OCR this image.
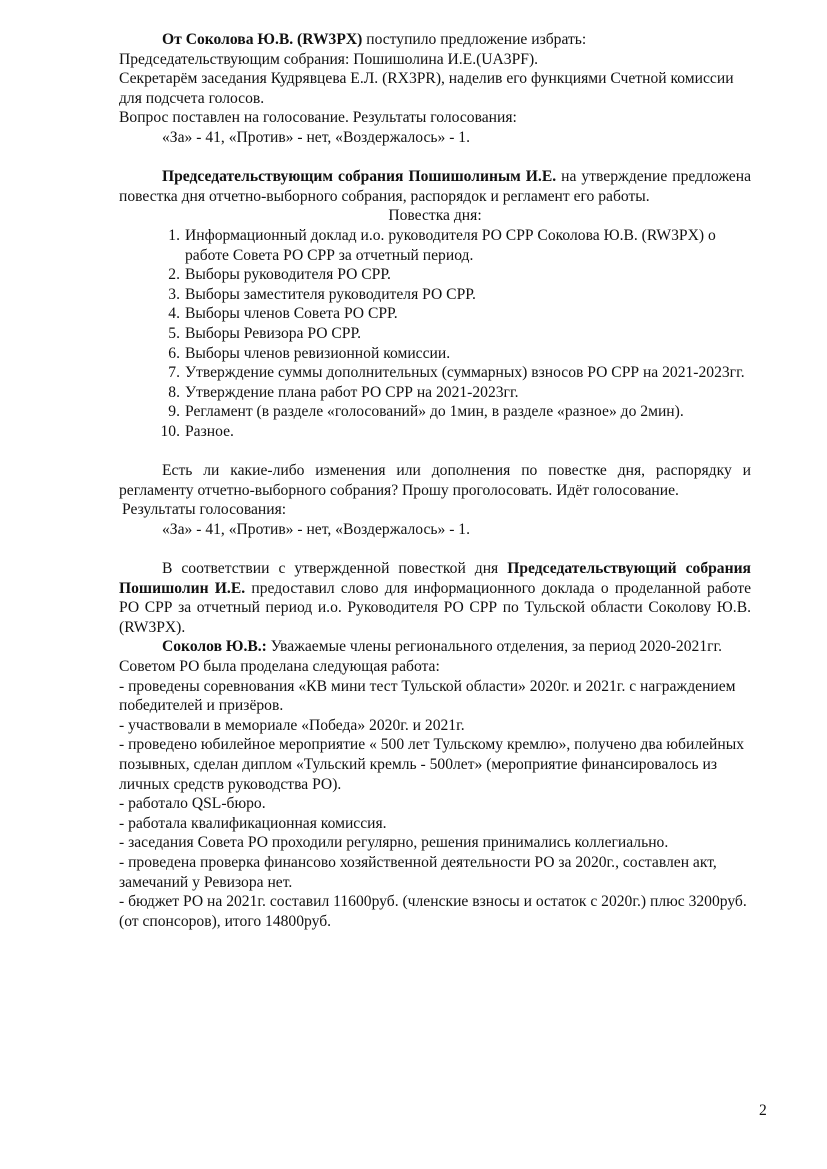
От Соколова Ю.В. (RW3PX) поступило предложение избрать:

Председательствующим собрания: Пошишолина И.Е.(UA3PF).

Секретарём заседания Кудрявцева Е.Л. (RX3PR), наделив его функциями Счетной комиссии для подсчета голосов.

Вопрос поставлен на голосование. Результаты голосования:

«За» - 41, «Против» - нет, «Воздержалось» - 1.

Председательствующим собрания Пошишолиным И.Е. на утверждение предложена повестка дня отчетно-выборного собрания, распорядок и регламент его работы.

Повестка дня:

1. Информационный доклад и.о. руководителя РО СРР Соколова Ю.В. (RW3PX) о работе Совета РО СРР за отчетный период.
2. Выборы руководителя РО СРР.
3. Выборы заместителя руководителя РО СРР.
4. Выборы членов Совета РО СРР.
5. Выборы Ревизора РО СРР.
6. Выборы членов ревизионной комиссии.
7. Утверждение суммы дополнительных (суммарных) взносов РО СРР на 2021-2023гг.
8. Утверждение плана работ РО СРР на 2021-2023гг.
9. Регламент (в разделе «голосований» до 1мин, в разделе «разное» до 2мин).
10. Разное.

Есть ли какие-либо изменения или дополнения по повестке дня, распорядку и регламенту отчетно-выборного собрания? Прошу проголосовать. Идёт голосование.

Результаты голосования:

«За» - 41, «Против» - нет, «Воздержалось» - 1.

В соответствии с утвержденной повесткой дня Председательствующий собрания Пошишолин И.Е. предоставил слово для информационного доклада о проделанной работе РО СРР за отчетный период и.о. Руководителя РО СРР по Тульской области Соколову Ю.В. (RW3PX).

Соколов Ю.В.: Уважаемые члены регионального отделения, за период 2020-2021гг. Советом РО была проделана следующая работа:

- проведены соревнования «КВ мини тест Тульской области» 2020г. и 2021г. с награждением победителей и призёров.

- участвовали в мемориале «Победа» 2020г. и 2021г.

- проведено юбилейное мероприятие « 500 лет Тульскому кремлю», получено два юбилейных позывных, сделан диплом «Тульский кремль - 500лет» (мероприятие финансировалось из личных средств руководства РО).

- работало QSL-бюро.

- работала квалификационная комиссия.

- заседания Совета РО проходили регулярно, решения принимались коллегиально.

- проведена проверка финансово хозяйственной деятельности РО за 2020г., составлен акт, замечаний у Ревизора нет.

- бюджет РО на 2021г. составил 11600руб. (членские взносы и остаток с 2020г.) плюс 3200руб. (от спонсоров), итого 14800руб.

2
